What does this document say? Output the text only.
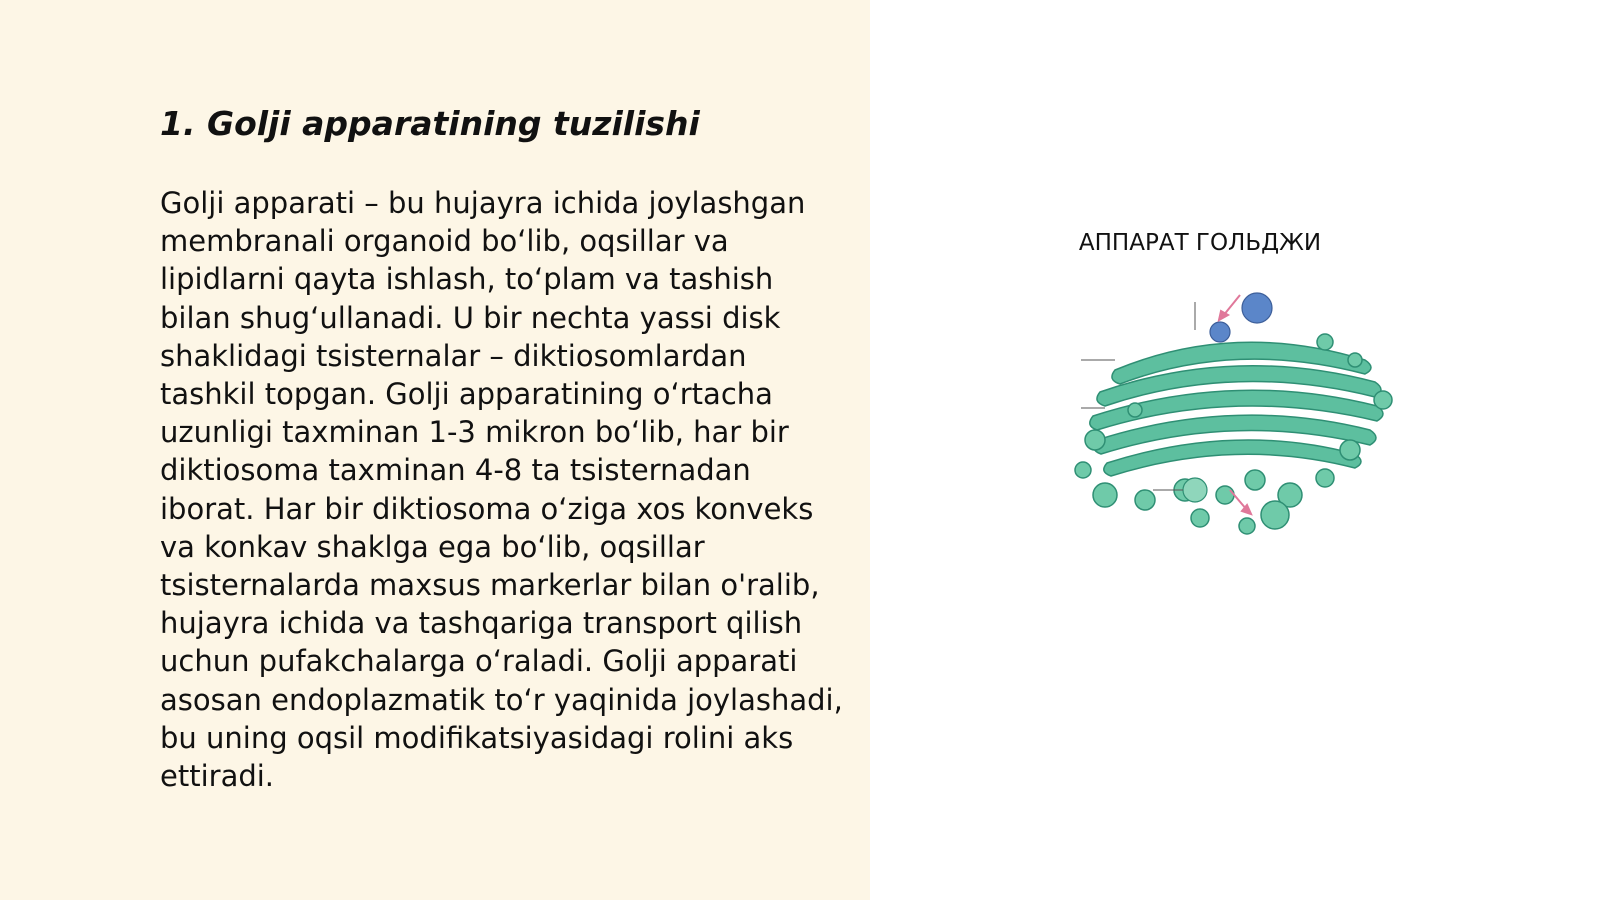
1. Golji apparatining tuzilishi

Golji apparati – bu hujayra ichida joylashgan membranali organoid bo‘lib, oqsillar va lipidlarni qayta ishlash, to‘plam va tashish bilan shug‘ullanadi. U bir nechta yassi disk shaklidagi tsisternalar – diktiosomlardan tashkil topgan. Golji apparatining o‘rtacha uzunligi taxminan 1-3 mikron bo‘lib, har bir diktiosoma taxminan 4-8 ta tsisternadan iborat. Har bir diktiosoma o‘ziga xos konveks va konkav shaklga ega bo‘lib, oqsillar tsisternalarda maxsus markerlar bilan o'ralib, hujayra ichida va tashqariga transport qilish uchun pufakchalarga o‘raladi. Golji apparati asosan endoplazmatik to‘r yaqinida joylashadi, bu uning oqsil modifikatsiyasidagi rolini aks ettiradi.

АППАРАТ ГОЛЬДЖИ
